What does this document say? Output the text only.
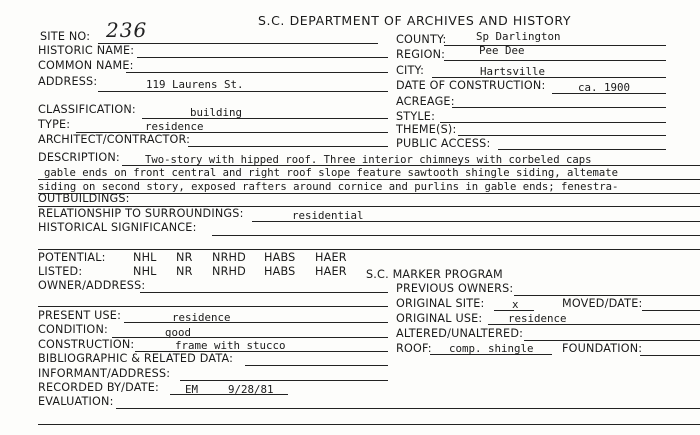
S.C. DEPARTMENT OF ARCHIVES AND HISTORY
SITE NO: 236
HISTORIC NAME:
COMMON NAME:
ADDRESS:	119 Laurens St.
CLASSIFICATION:	building
TYPE:	residence
ARCHITECT/CONTRACTOR:
COUNTY:	Sp Darlington
REGION:	Pee Dee
CITY:	Hartsville
DATE OF CONSTRUCTION:	ca. 1900
ACREAGE:
STYLE:
THEME(S):
PUBLIC ACCESS:
DESCRIPTION: Two-story with hipped roof. Three interior chimneys with corbeled caps
gable ends on front central and right roof slope feature sawtooth shingle siding, altemate
siding on second story, exposed rafters around cornice and purlins in gable ends; fenestra-
OUTBUILDINGS:
RELATIONSHIP TO SURROUNDINGS:	residential
HISTORICAL SIGNIFICANCE:
POTENTIAL: NHL NR NRHD HABS HAER
LISTED:	NHL NR NRHD HABS HAER S.C. MARKER PROGRAM
OWNER/ADDRESS:
PRESENT USE:	residence
CONDITION:	good
CONSTRUCTION:	frame with stucco
BIBLIOGRAPHIC & RELATED DATA:
INFORMANT/ADDRESS:
RECORDED BY/DATE: EM	9/28/81
EVALUATION:
PREVIOUS OWNERS:
ORIGINAL SITE:	x	MOVED/DATE:
ORIGINAL USE: residence
ALTERED/UNALTERED:
ROOF: comp. shingle	FOUNDATION:
